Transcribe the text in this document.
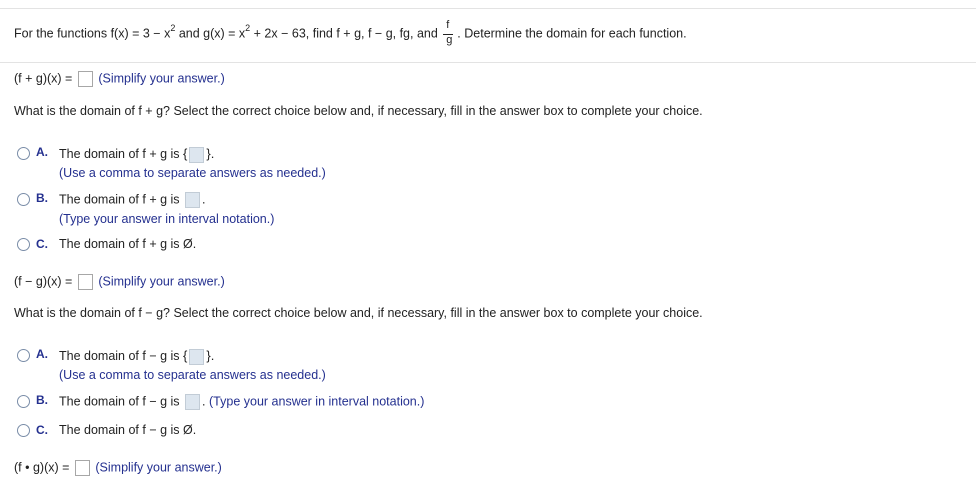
For the functions $f(x) = 3 - x^2$ and $g(x) = x^2 + 2x - 63$, find f + g, f − g, fg, and $\frac{f}{g}$ . Determine the domain for each function.
(f + g)(x) = (Simplify your answer.)
What is the domain of f + g? Select the correct choice below and, if necessary, fill in the answer box to complete your choice.
A. The domain of f + g is { }.
(Use a comma to separate answers as needed.)
B. The domain of f + g is .
(Type your answer in interval notation.)
C. The domain of f + g is Ø.
(f − g)(x) = (Simplify your answer.)
What is the domain of f − g? Select the correct choice below and, if necessary, fill in the answer box to complete your choice.
A. The domain of f − g is { }.
(Use a comma to separate answers as needed.)
B. The domain of f − g is . (Type your answer in interval notation.)
C. The domain of f − g is Ø.
(f • g)(x) = (Simplify your answer.)
